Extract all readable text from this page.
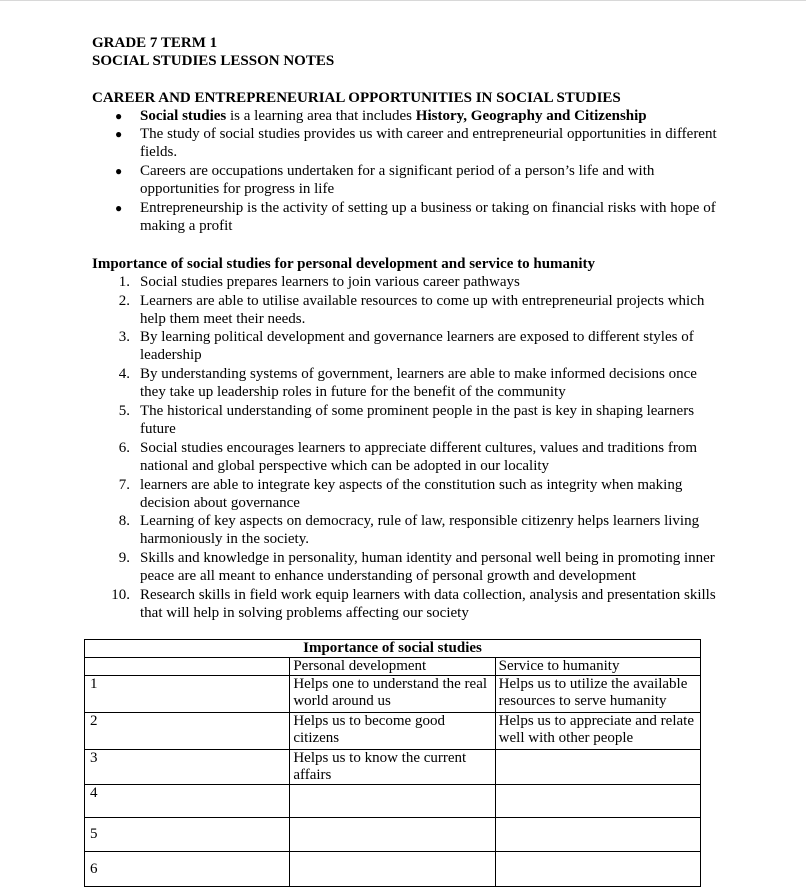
GRADE 7 TERM 1
SOCIAL STUDIES LESSON NOTES
CAREER AND ENTREPRENEURIAL OPPORTUNITIES IN SOCIAL STUDIES
● Social studies is a learning area that includes History, Geography and Citizenship
● The study of social studies provides us with career and entrepreneurial opportunities in different
fields.
● Careers are occupations undertaken for a significant period of a person’s life and with
opportunities for progress in life
● Entrepreneurship is the activity of setting up a business or taking on financial risks with hope of
making a profit
Importance of social studies for personal development and service to humanity
1. Social studies prepares learners to join various career pathways
2. Learners are able to utilise available resources to come up with entrepreneurial projects which
help them meet their needs.
3. By learning political development and governance learners are exposed to different styles of
leadership
4. By understanding systems of government, learners are able to make informed decisions once
they take up leadership roles in future for the benefit of the community
5. The historical understanding of some prominent people in the past is key in shaping learners
future
6. Social studies encourages learners to appreciate different cultures, values and traditions from
national and global perspective which can be adopted in our locality
7. learners are able to integrate key aspects of the constitution such as integrity when making
decision about governance
8. Learning of key aspects on democracy, rule of law, responsible citizenry helps learners living
harmoniously in the society.
9. Skills and knowledge in personality, human identity and personal well being in promoting inner
peace are all meant to enhance understanding of personal growth and development
10. Research skills in field work equip learners with data collection, analysis and presentation skills
that will help in solving problems affecting our society
Importance of social studies		
	Personal development	Service to humanity
1	Helps one to understand the real world around us	Helps us to utilize the available resources to serve humanity
2	Helps us to become good citizens	Helps us to appreciate and relate well with other people
3	Helps us to know the current affairs	
4		
5		
6		
